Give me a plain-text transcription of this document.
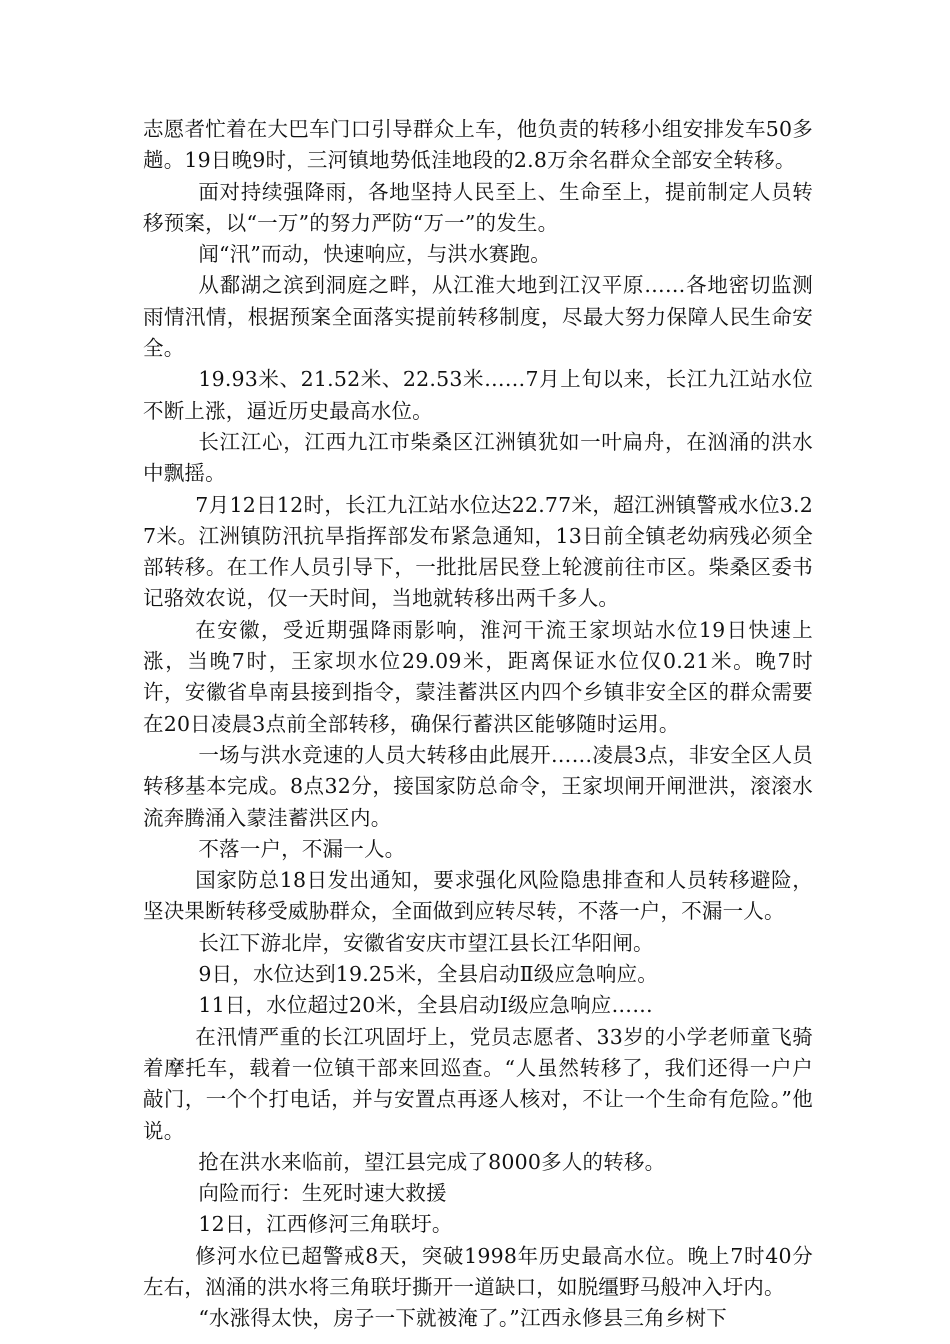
志愿者忙着在大巴车门口引导群众上车，他负责的转移小组安排发车50多趟。19日晚9时，三河镇地势低洼地段的2.8万余名群众全部安全转移。

面对持续强降雨，各地坚持人民至上、生命至上，提前制定人员转移预案，以“一万”的努力严防“万一”的发生。

闻“汛”而动，快速响应，与洪水赛跑。

从鄱湖之滨到洞庭之畔，从江淮大地到江汉平原……各地密切监测雨情汛情，根据预案全面落实提前转移制度，尽最大努力保障人民生命安全。

19.93米、21.52米、22.53米……7月上旬以来，长江九江站水位不断上涨，逼近历史最高水位。

长江江心，江西九江市柴桑区江洲镇犹如一叶扁舟，在汹涌的洪水中飘摇。

7月12日12时，长江九江站水位达22.77米，超江洲镇警戒水位3.27米。江洲镇防汛抗旱指挥部发布紧急通知，13日前全镇老幼病残必须全部转移。在工作人员引导下，一批批居民登上轮渡前往市区。柴桑区委书记骆效农说，仅一天时间，当地就转移出两千多人。

在安徽，受近期强降雨影响，淮河干流王家坝站水位19日快速上涨，当晚7时，王家坝水位29.09米，距离保证水位仅0.21米。晚7时许，安徽省阜南县接到指令，蒙洼蓄洪区内四个乡镇非安全区的群众需要在20日凌晨3点前全部转移，确保行蓄洪区能够随时运用。

一场与洪水竞速的人员大转移由此展开……凌晨3点，非安全区人员转移基本完成。8点32分，接国家防总命令，王家坝闸开闸泄洪，滚滚水流奔腾涌入蒙洼蓄洪区内。

不落一户，不漏一人。

国家防总18日发出通知，要求强化风险隐患排查和人员转移避险，坚决果断转移受威胁群众，全面做到应转尽转，不落一户，不漏一人。

长江下游北岸，安徽省安庆市望江县长江华阳闸。

9日，水位达到19.25米，全县启动Ⅱ级应急响应。

11日，水位超过20米，全县启动Ⅰ级应急响应……

在汛情严重的长江巩固圩上，党员志愿者、33岁的小学老师童飞骑着摩托车，载着一位镇干部来回巡查。“人虽然转移了，我们还得一户户敲门，一个个打电话，并与安置点再逐人核对，不让一个生命有危险。”他说。

抢在洪水来临前，望江县完成了8000多人的转移。

向险而行：生死时速大救援

12日，江西修河三角联圩。

修河水位已超警戒8天，突破1998年历史最高水位。晚上7时40分左右，汹涌的洪水将三角联圩撕开一道缺口，如脱缰野马般冲入圩内。

“水涨得太快，房子一下就被淹了。”江西永修县三角乡树下
